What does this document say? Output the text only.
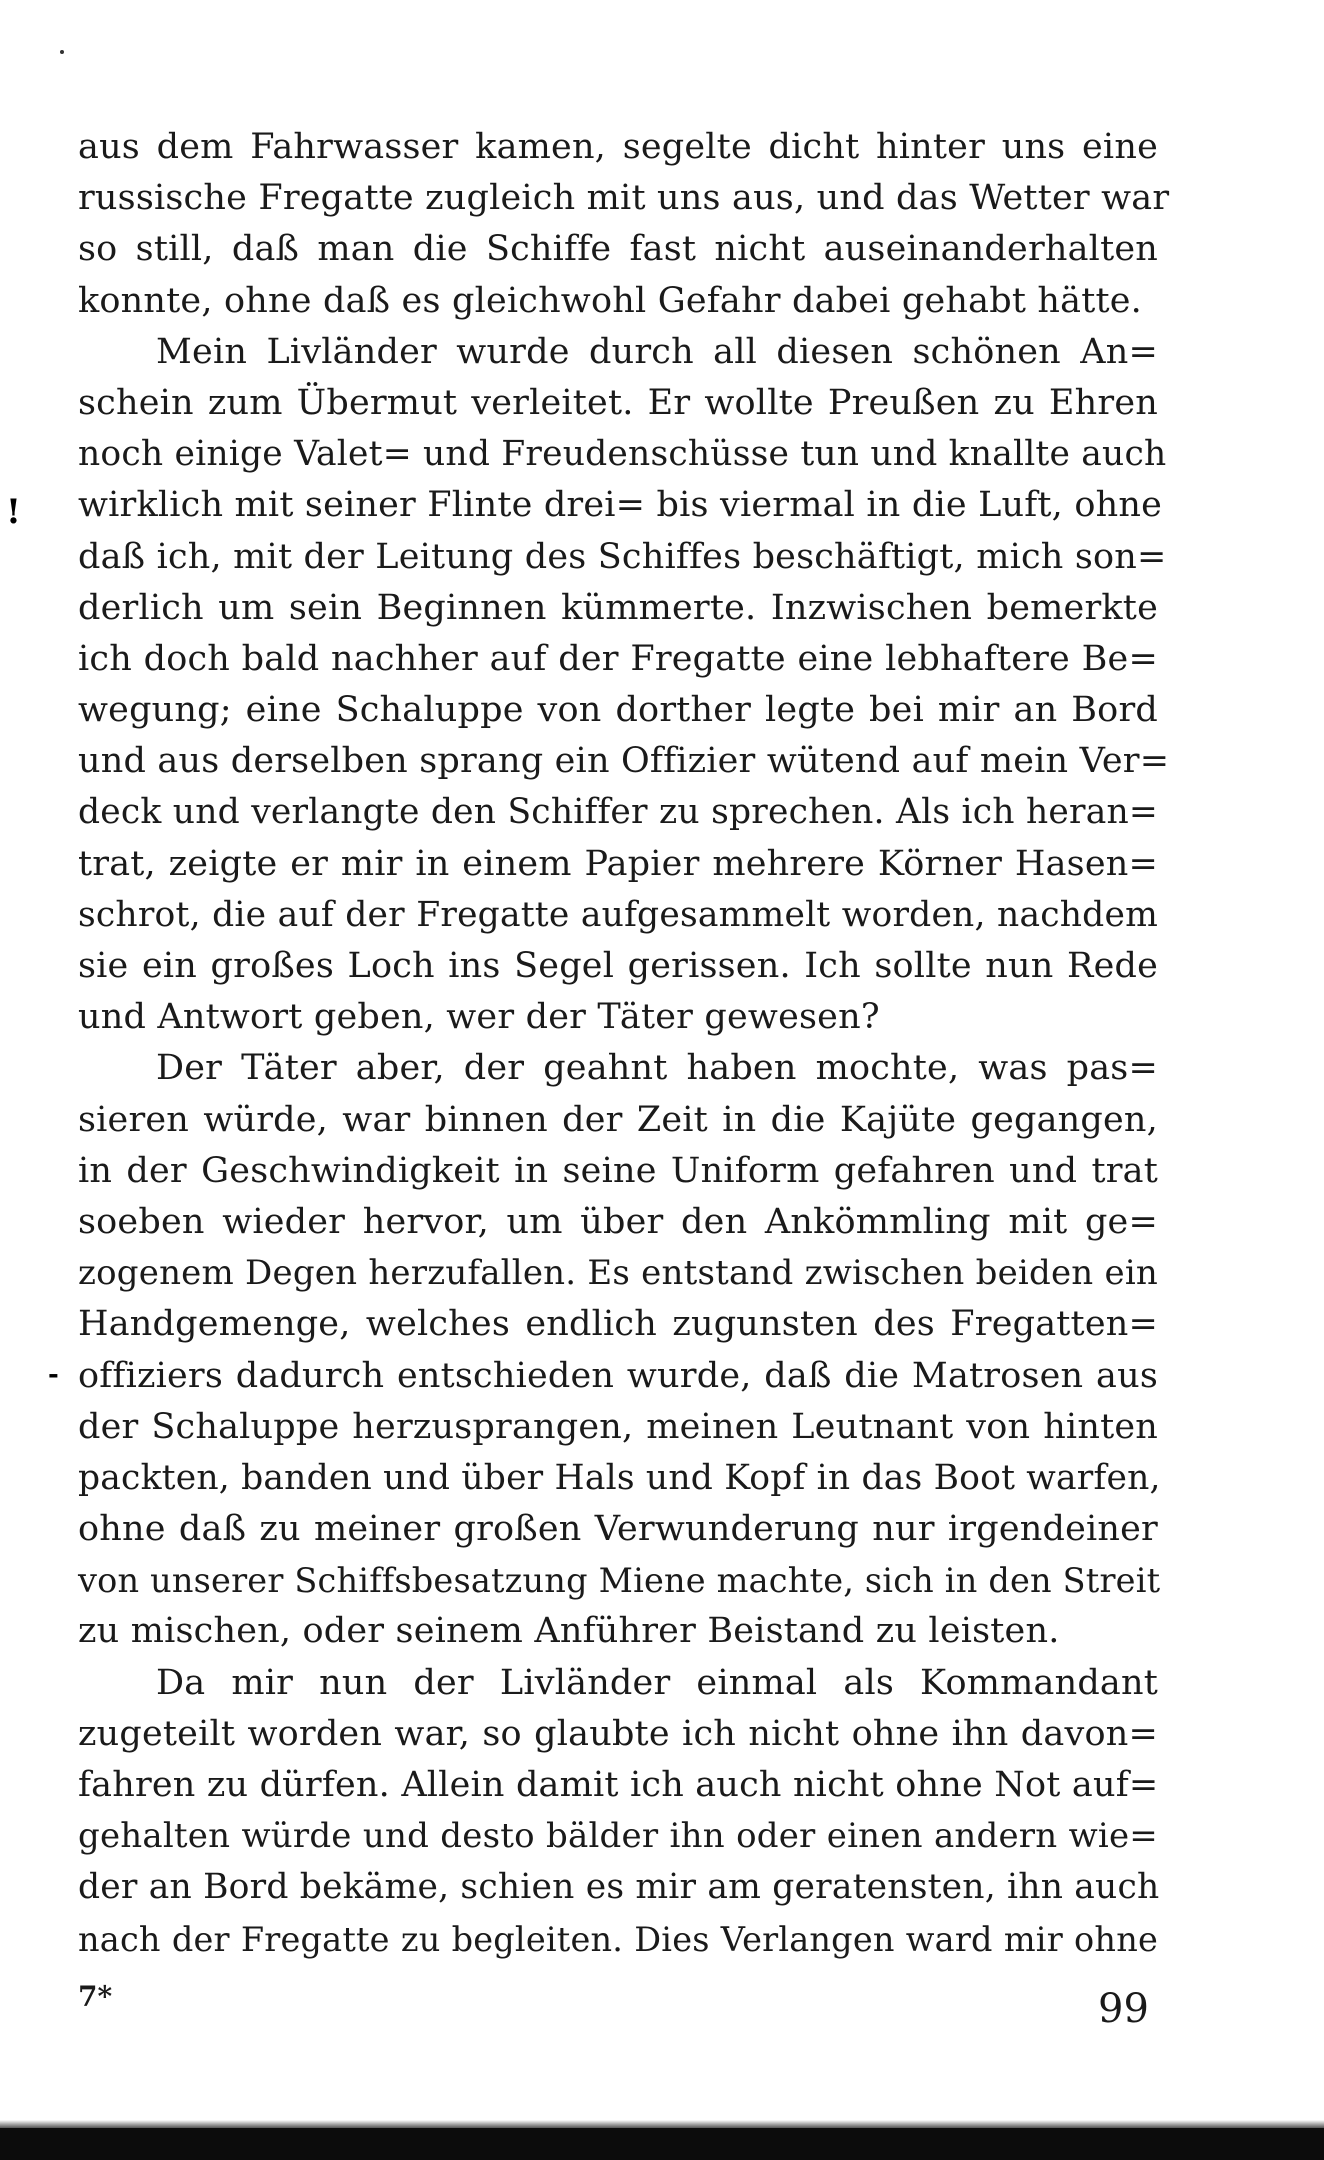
!
-
aus dem Fahrwasser kamen, segelte dicht hinter uns eine
russische Fregatte zugleich mit uns aus, und das Wetter war
so still, daß man die Schiffe fast nicht auseinanderhalten
konnte, ohne daß es gleichwohl Gefahr dabei gehabt hätte.
Mein Livländer wurde durch all diesen schönen An=
schein zum Übermut verleitet. Er wollte Preußen zu Ehren
noch einige Valet= und Freudenschüsse tun und knallte auch
wirklich mit seiner Flinte drei= bis viermal in die Luft, ohne
daß ich, mit der Leitung des Schiffes beschäftigt, mich son=
derlich um sein Beginnen kümmerte. Inzwischen bemerkte
ich doch bald nachher auf der Fregatte eine lebhaftere Be=
wegung; eine Schaluppe von dorther legte bei mir an Bord
und aus derselben sprang ein Offizier wütend auf mein Ver=
deck und verlangte den Schiffer zu sprechen. Als ich heran=
trat, zeigte er mir in einem Papier mehrere Körner Hasen=
schrot, die auf der Fregatte aufgesammelt worden, nachdem
sie ein großes Loch ins Segel gerissen. Ich sollte nun Rede
und Antwort geben, wer der Täter gewesen?
Der Täter aber, der geahnt haben mochte, was pas=
sieren würde, war binnen der Zeit in die Kajüte gegangen,
in der Geschwindigkeit in seine Uniform gefahren und trat
soeben wieder hervor, um über den Ankömmling mit ge=
zogenem Degen herzufallen. Es entstand zwischen beiden ein
Handgemenge, welches endlich zugunsten des Fregatten=
offiziers dadurch entschieden wurde, daß die Matrosen aus
der Schaluppe herzusprangen, meinen Leutnant von hinten
packten, banden und über Hals und Kopf in das Boot warfen,
ohne daß zu meiner großen Verwunderung nur irgendeiner
von unserer Schiffsbesatzung Miene machte, sich in den Streit
zu mischen, oder seinem Anführer Beistand zu leisten.
Da mir nun der Livländer einmal als Kommandant
zugeteilt worden war, so glaubte ich nicht ohne ihn davon=
fahren zu dürfen. Allein damit ich auch nicht ohne Not auf=
gehalten würde und desto bälder ihn oder einen andern wie=
der an Bord bekäme, schien es mir am geratensten, ihn auch
nach der Fregatte zu begleiten. Dies Verlangen ward mir ohne
7*	99
